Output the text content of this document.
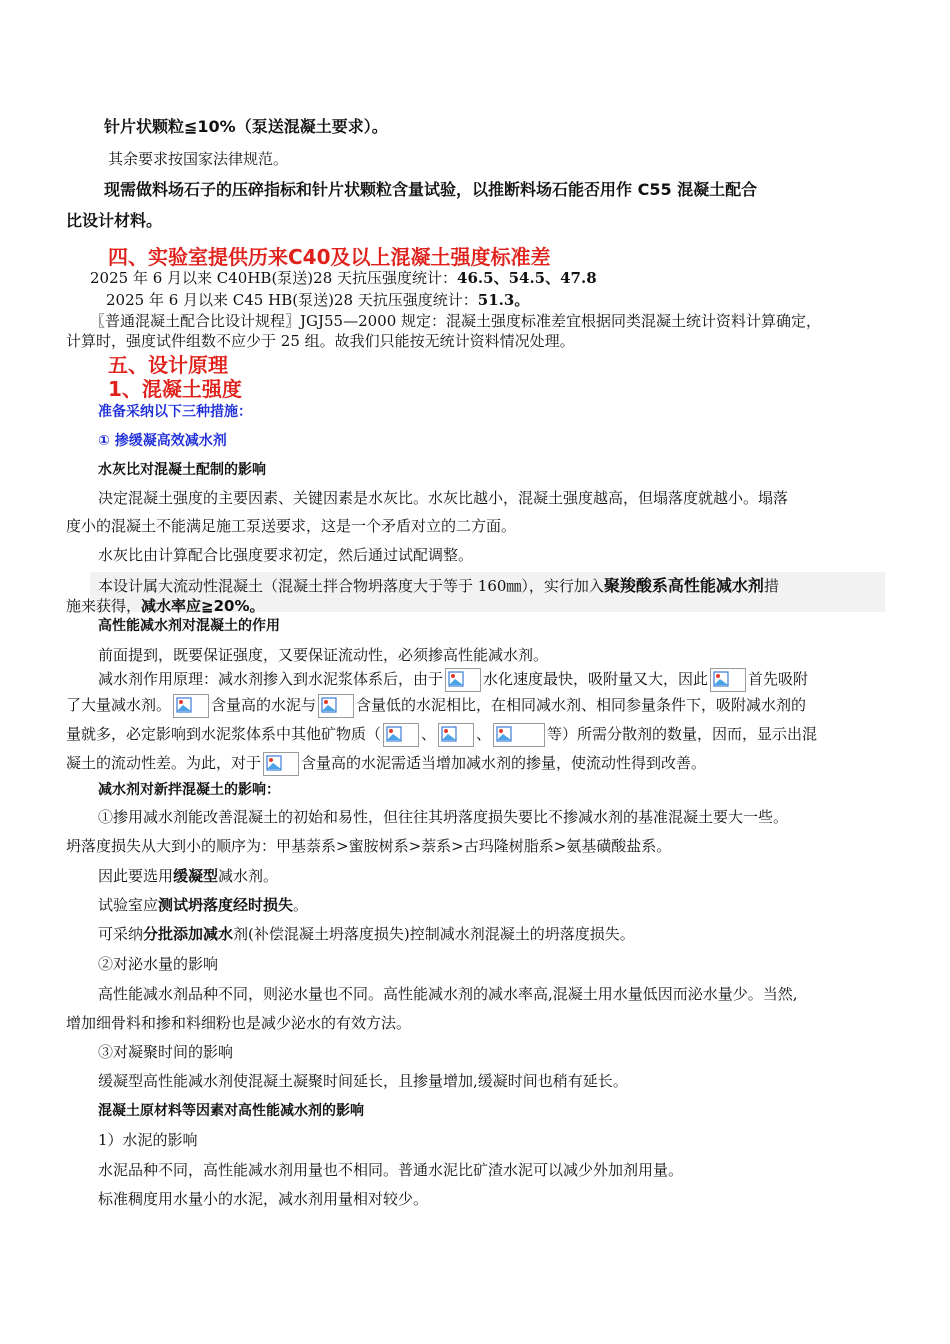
针片状颗粒≦10%（泵送混凝土要求）。
其余要求按国家法律规范。
现需做料场石子的压碎指标和针片状颗粒含量试验，以推断料场石能否用作 C55 混凝土配合
比设计材料。
四、实验室提供历来C40及以上混凝土强度标准差
2025 年 6 月以来 C40HB(泵送)28 天抗压强度统计：46.5、54.5、47.8
2025 年 6 月以来 C45 HB(泵送)28 天抗压强度统计：51.3。
〖普通混凝土配合比设计规程〗JGJ55—2000 规定：混凝土强度标准差宜根据同类混凝土统计资料计算确定，
计算时，强度试件组数不应少于 25 组。故我们只能按无统计资料情况处理。
五、设计原理
1、混凝土强度
准备采纳以下三种措施：
① 掺缓凝高效减水剂
水灰比对混凝土配制的影响
决定混凝土强度的主要因素、关键因素是水灰比。水灰比越小，混凝土强度越高，但塌落度就越小。塌落
度小的混凝土不能满足施工泵送要求，这是一个矛盾对立的二方面。
水灰比由计算配合比强度要求初定，然后通过试配调整。
本设计属大流动性混凝土（混凝土拌合物坍落度大于等于 160㎜），实行加入聚羧酸系高性能减水剂措
施来获得，减水率应≧20%。
高性能减水剂对混凝土的作用
前面提到，既要保证强度，又要保证流动性，必须掺高性能减水剂。
减水剂作用原理：减水剂掺入到水泥浆体系后，由于	水化速度最快，吸附量又大，因此	首先吸附
了大量减水剂。	含量高的水泥与	含量低的水泥相比，在相同减水剂、相同参量条件下，吸附减水剂的
量就多，必定影响到水泥浆体系中其他矿物质（	、	、	等）所需分散剂的数量，因而，显示出混
凝土的流动性差。为此，对于	含量高的水泥需适当增加减水剂的掺量，使流动性得到改善。
减水剂对新拌混凝土的影响：
①掺用减水剂能改善混凝土的初始和易性，但往往其坍落度损失要比不掺减水剂的基准混凝土要大一些。
坍落度损失从大到小的顺序为：甲基萘系>蜜胺树系>萘系>古玛隆树脂系>氨基磺酸盐系。
因此要选用缓凝型减水剂。
试验室应测试坍落度经时损失。
可采纳分批添加减水剂(补偿混凝土坍落度损失)控制减水剂混凝土的坍落度损失。
②对泌水量的影响
高性能减水剂品种不同，则泌水量也不同。高性能减水剂的减水率高,混凝土用水量低因而泌水量少。当然,
增加细骨料和掺和料细粉也是减少泌水的有效方法。
③对凝聚时间的影响
缓凝型高性能减水剂使混凝土凝聚时间延长，且掺量增加,缓凝时间也稍有延长。
混凝土原材料等因素对高性能减水剂的影响
1）水泥的影响
水泥品种不同，高性能减水剂用量也不相同。普通水泥比矿渣水泥可以减少外加剂用量。
标准稠度用水量小的水泥，减水剂用量相对较少。
